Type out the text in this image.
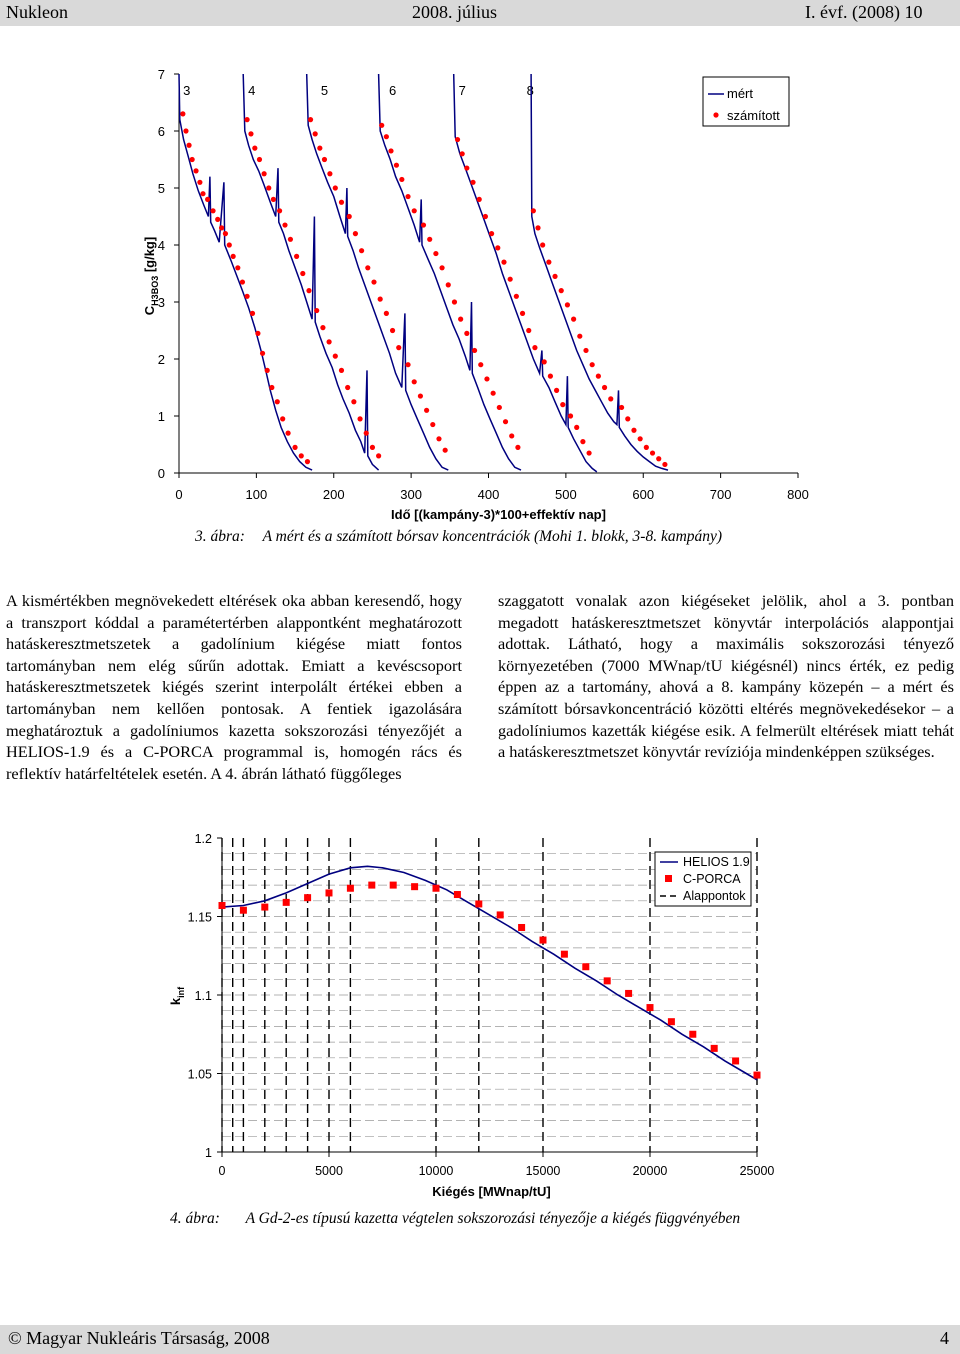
Nukleon	2008. július	I. évf. (2008) 10
0
1
2
3
4
5
6
7
0	100	200	300	400	500	600	700	800
Idő [(kampány-3)*100+effektív nap]
$C_{H3BO3}$ [g/kg]
3	4	5	6	7	8	mért
számított
3. ábra: A mért és a számított bórsav koncentrációk (Mohi 1. blokk, 3-8. kampány)
A kismértékben megnövekedett eltérések oka abban keresendő, hogy a transzport kóddal a paramétertérben alappontként meghatározott hatáskeresztmetszetek a gadolínium kiégése miatt fontos tartományban nem elég sűrűn adottak. Emiatt a kevéscsoport hatáskeresztmetszetek kiégés szerint interpolált értékei ebben a tartományban nem kellően pontosak. A fentiek igazolására meghatároztuk a gadolíniumos kazetta sokszorozási tényezőjét a HELIOS-1.9 és a C-PORCA programmal is, homogén rács és reflektív határfeltételek esetén. A 4. ábrán látható függőleges
szaggatott vonalak azon kiégéseket jelölik, ahol a 3. pontban megadott hatáskeresztmetszet könyvtár interpolációs alappontjai adottak. Látható, hogy a maximális sokszorozási tényező környezetében (7000 MWnap/tU kiégésnél) nincs érték, ez pedig éppen az a tartomány, ahová a 8. kampány közepén – a mért és számított bórsavkoncentráció közötti eltérés megnövekedésekor – a gadolíniumos kazetták kiégése esik. A felmerült eltérések miatt tehát a hatáskeresztmetszet könyvtár revíziója mindenképpen szükséges.
1
1.05
1.1
1.15
1.2
0	5000	10000	15000	20000	25000
Kiégés [MWnap/tU]
$k_{inf}$
HELIOS 1.9
C-PORCA
Alappontok
4. ábra: A Gd-2-es típusú kazetta végtelen sokszorozási tényezője a kiégés függvényében
© Magyar Nukleáris Társaság, 2008	4
